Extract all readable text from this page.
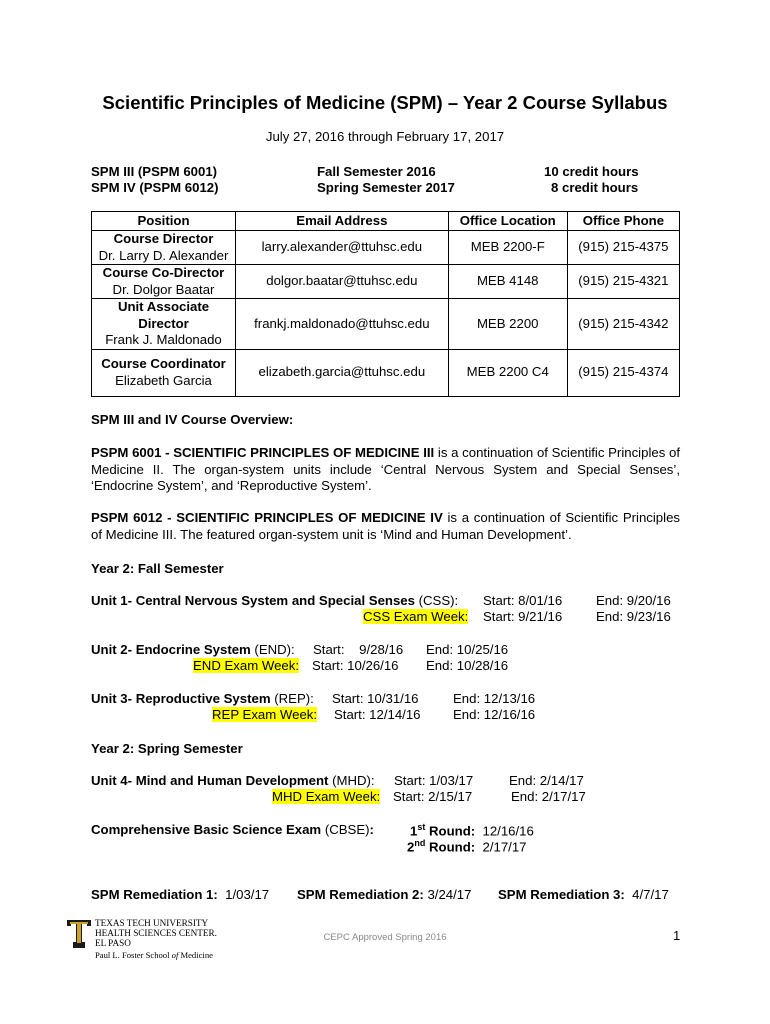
Scientific Principles of Medicine (SPM) – Year 2 Course Syllabus
July 27, 2016 through February 17, 2017
SPM III (PSPM 6001)	Fall Semester 2016	10 credit hours
SPM IV (PSPM 6012)	Spring Semester 2017	8 credit hours
Position	Email Address	Office Location	Office Phone

Course Director
Dr. Larry D. Alexander	larry.alexander@ttuhsc.edu	MEB 2200-F	(915) 215-4375

Course Co-Director
Dr. Dolgor Baatar	dolgor.baatar@ttuhsc.edu	MEB 4148	(915) 215-4321

Unit Associate Director
Frank J. Maldonado	frankj.maldonado@ttuhsc.edu	MEB 2200	(915) 215-4342

Course Coordinator
Elizabeth Garcia	elizabeth.garcia@ttuhsc.edu	MEB 2200 C4	(915) 215-4374
SPM III and IV Course Overview:
PSPM 6001 - SCIENTIFIC PRINCIPLES OF MEDICINE III is a continuation of Scientific Principles of Medicine II. The organ-system units include ‘Central Nervous System and Special Senses’, ‘Endocrine System’, and ‘Reproductive System’.
PSPM 6012 - SCIENTIFIC PRINCIPLES OF MEDICINE IV is a continuation of Scientific Principles of Medicine III. The featured organ-system unit is ‘Mind and Human Development’.
Year 2: Fall Semester
Unit 1- Central Nervous System and Special Senses (CSS): Start: 8/01/16	End: 9/20/16
CSS Exam Week: Start: 9/21/16	End: 9/23/16
Unit 2- Endocrine System (END): Start:    9/28/16 End: 10/25/16
END Exam Week: Start: 10/26/16 End: 10/28/16
Unit 3- Reproductive System (REP): Start: 10/31/16	End: 12/13/16
REP Exam Week: Start: 12/14/16 End: 12/16/16
Year 2: Spring Semester
Unit 4- Mind and Human Development (MHD): Start: 1/03/17	End: 2/14/17
MHD Exam Week: Start: 2/15/17	End: 2/17/17
Comprehensive Basic Science Exam (CBSE):	1st Round:  12/16/16
2nd Round:  2/17/17
SPM Remediation 1:  1/03/17 SPM Remediation 2: 3/24/17 SPM Remediation 3:  4/7/17
TEXAS TECH UNIVERSITY
HEALTH SCIENCES CENTER.
EL PASO
Paul L. Foster School of Medicine
CEPC Approved Spring 2016	1
